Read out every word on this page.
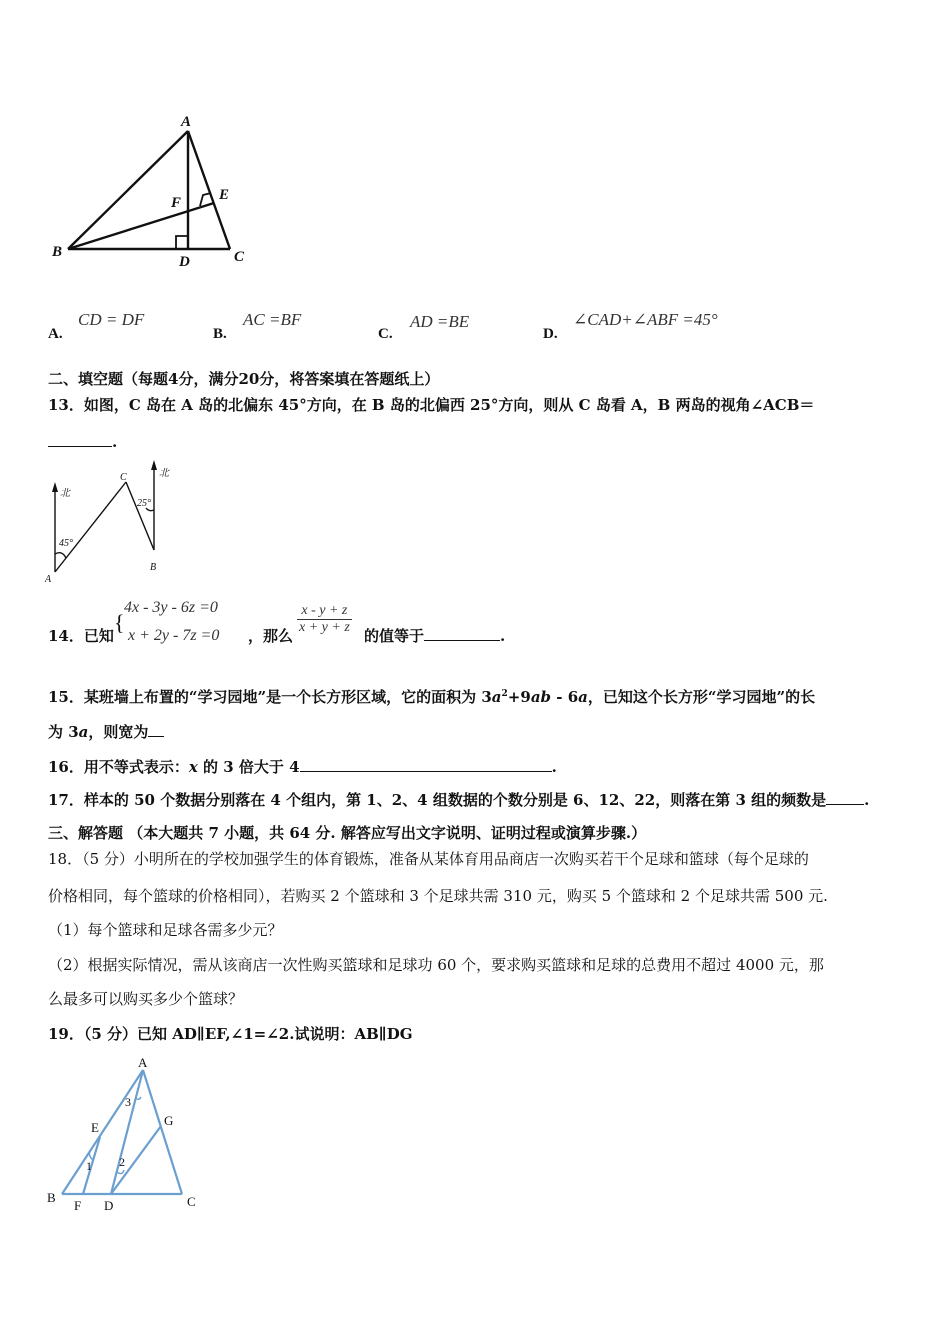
A
B	C
D
E
F
A.
CD = DF
B.
AC =BF
C.
AD =BE
D.
∠CAD+∠ABF =45°
二、填空题（每题4分，满分20分，将答案填在答题纸上）
13．如图，C 岛在 A 岛的北偏东 45°方向，在 B 岛的北偏西 25°方向，则从 C 岛看 A，B 两岛的视角∠ACB＝
.
北
北
45°
25°
A
B
C
14．已知
{
4x - 3y - 6z =0
x + 2y - 7z =0 ，那么 $\frac{x - y + z}{x + y + z}$ 的值等于	.
15．某班墙上布置的“学习园地”是一个长方形区域，它的面积为 $3a^2+9ab - 6a$，已知这个长方形“学习园地”的长
为 3a，则宽为
16．用不等式表示：x 的 3 倍大于 4	.
17．样本的 50 个数据分别落在 4 个组内，第 1、2、4 组数据的个数分别是 6、12、22，则落在第 3 组的频数是	.
三、解答题 （本大题共 7 小题，共 64 分. 解答应写出文字说明、证明过程或演算步骤.）
18．（5 分）小明所在的学校加强学生的体育锻炼，准备从某体育用品商店一次购买若干个足球和篮球（每个足球的
价格相同，每个篮球的价格相同），若购买 2 个篮球和 3 个足球共需 310 元，购买 5 个篮球和 2 个足球共需 500 元.
（1）每个篮球和足球各需多少元？
（2）根据实际情况，需从该商店一次性购买篮球和足球功 60 个，要求购买篮球和足球的总费用不超过 4000 元，那
么最多可以购买多少个篮球？
19．（5 分）已知 AD∥EF,∠1=∠2.试说明：AB∥DG
A
B	C
D
E
F
G
1 2
3
